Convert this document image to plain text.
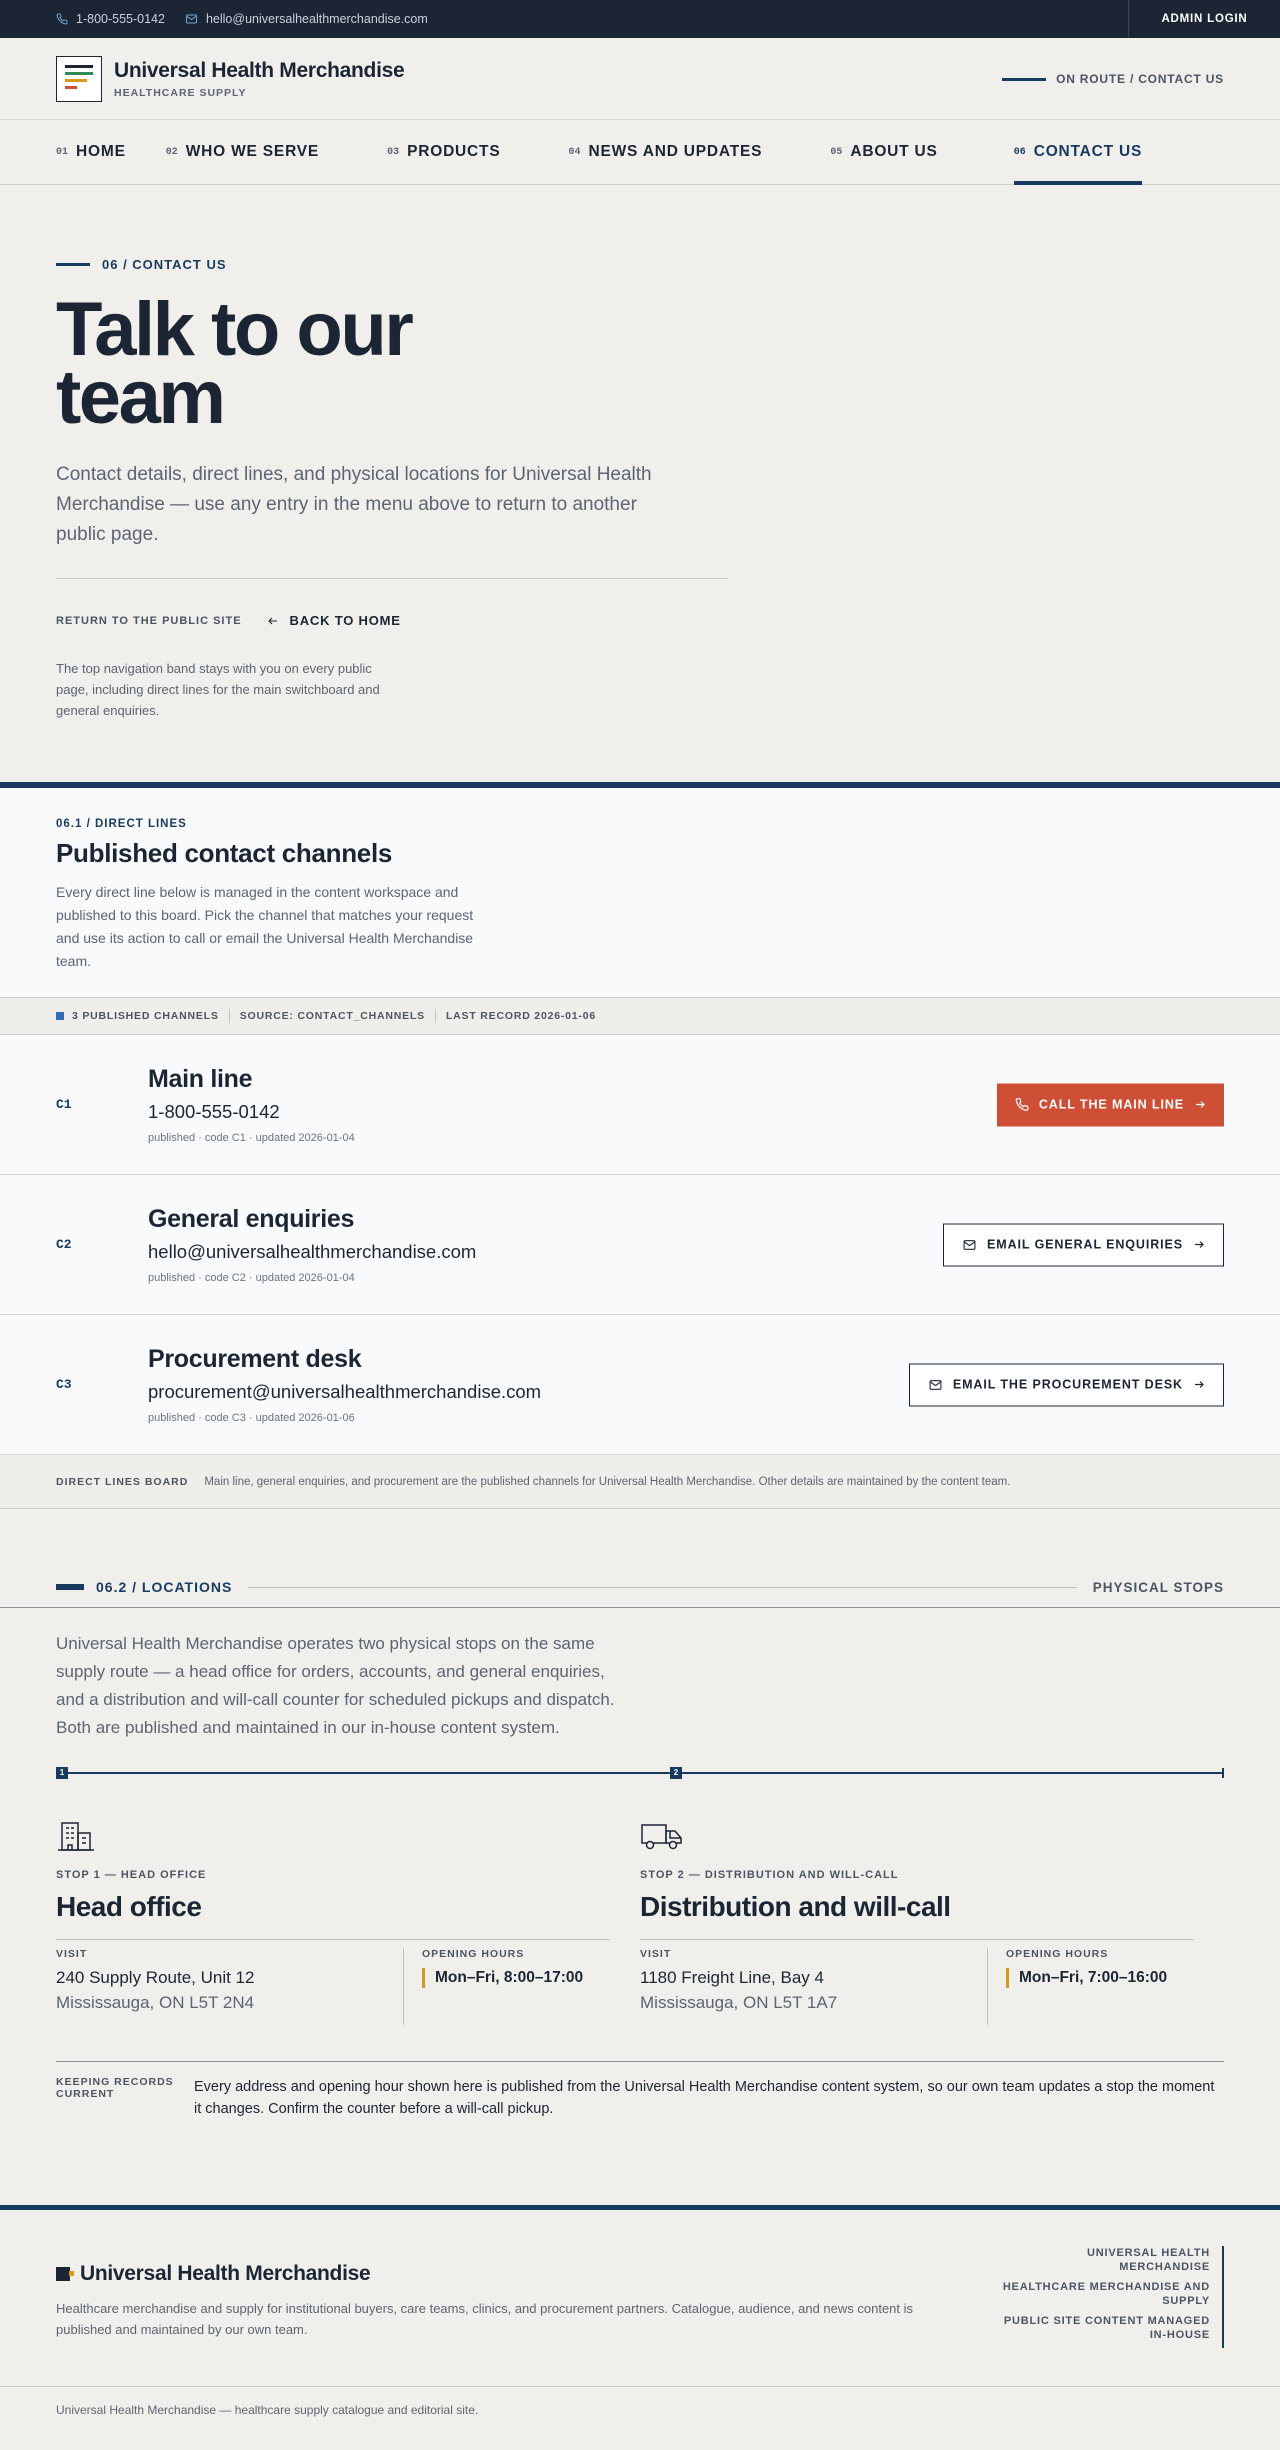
1-800-555-0142	hello@universalhealthmerchandise.com	ADMIN LOGIN
Universal Health Merchandise
HEALTHCARE SUPPLY
ON ROUTE / CONTACT US
01 HOME	02 WHO WE SERVE	03 PRODUCTS	04 NEWS AND UPDATES	05 ABOUT US	06 CONTACT US
06 / CONTACT US
Talk to our
team

Contact details, direct lines, and physical locations for Universal Health Merchandise — use any entry in the menu above to return to another public page.

RETURN TO THE PUBLIC SITE	BACK TO HOME

The top navigation band stays with you on every public page, including direct lines for the main switchboard and general enquiries.

06.1 / DIRECT LINES
Published contact channels

Every direct line below is managed in the content workspace and published to this board. Pick the channel that matches your request and use its action to call or email the Universal Health Merchandise team.

3 PUBLISHED CHANNELS SOURCE: CONTACT_CHANNELS LAST RECORD 2026-01-06
C1
Main line
1-800-555-0142
published · code C1 · updated 2026-01-04
CALL THE MAIN LINE
C2
General enquiries
hello@universalhealthmerchandise.com
published · code C2 · updated 2026-01-04
EMAIL GENERAL ENQUIRIES
C3
Procurement desk
procurement@universalhealthmerchandise.com
published · code C3 · updated 2026-01-06
EMAIL THE PROCUREMENT DESK
DIRECT LINES BOARD Main line, general enquiries, and procurement are the published channels for Universal Health Merchandise. Other details are maintained by the content team.
06.2 / LOCATIONS	PHYSICAL STOPS

Universal Health Merchandise operates two physical stops on the same supply route — a head office for orders, accounts, and general enquiries, and a distribution and will-call counter for scheduled pickups and dispatch. Both are published and maintained in our in-house content system.

1	2
STOP 1 — HEAD OFFICE
Head office
VISIT
240 Supply Route, Unit 12
Mississauga, ON L5T 2N4
OPENING HOURS
Mon–Fri, 8:00–17:00
STOP 2 — DISTRIBUTION AND WILL-CALL
Distribution and will-call
VISIT
1180 Freight Line, Bay 4
Mississauga, ON L5T 1A7
OPENING HOURS
Mon–Fri, 7:00–16:00
KEEPING RECORDS CURRENT	Every address and opening hour shown here is published from the Universal Health Merchandise content system, so our own team updates a stop the moment it changes. Confirm the counter before a will-call pickup.
Universal Health Merchandise

Healthcare merchandise and supply for institutional buyers, care teams, clinics, and procurement partners. Catalogue, audience, and news content is published and maintained by our own team.

UNIVERSAL HEALTH MERCHANDISE
HEALTHCARE MERCHANDISE AND SUPPLY
PUBLIC SITE CONTENT MANAGED IN-HOUSE
Universal Health Merchandise — healthcare supply catalogue and editorial site.
